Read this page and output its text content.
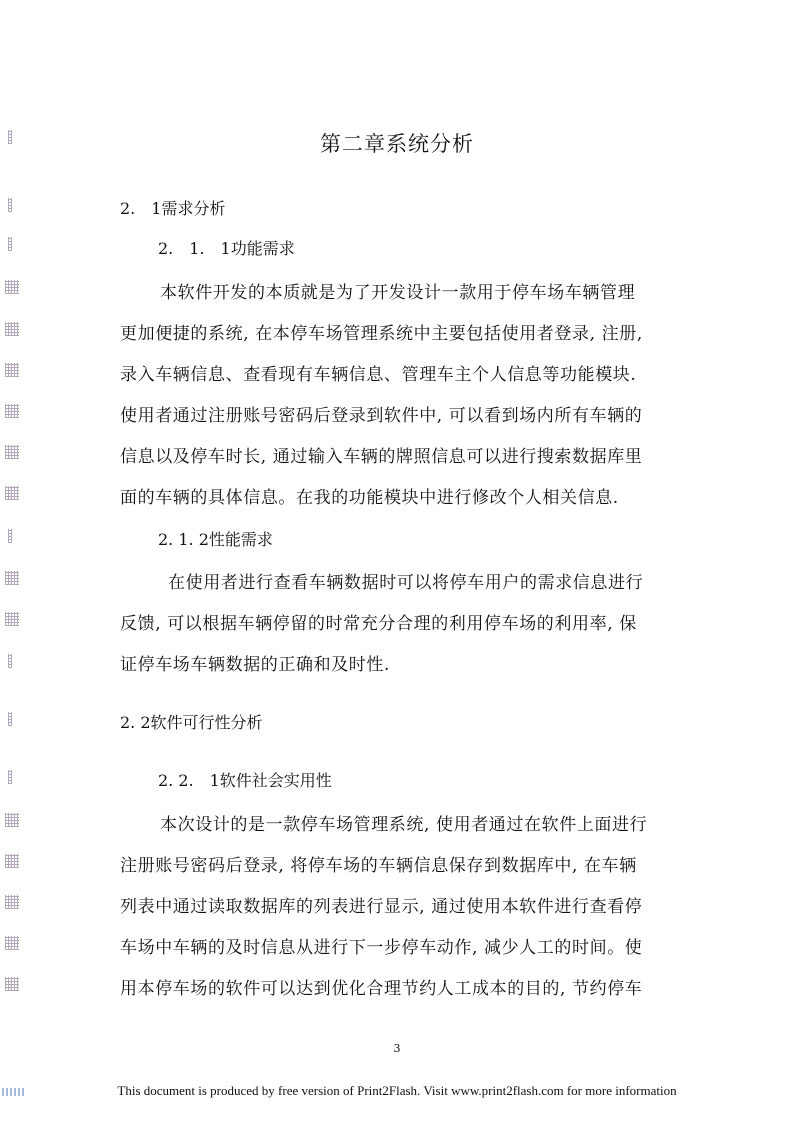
第二章系统分析
2.　1需求分析
2.　1.　1功能需求
本软件开发的本质就是为了开发设计一款用于停车场车辆管理
更加便捷的系统, 在本停车场管理系统中主要包括使用者登录, 注册,
录入车辆信息、查看现有车辆信息、管理车主个人信息等功能模块.
使用者通过注册账号密码后登录到软件中, 可以看到场内所有车辆的
信息以及停车时长, 通过输入车辆的牌照信息可以进行搜索数据库里
面的车辆的具体信息。在我的功能模块中进行修改个人相关信息.
2. 1. 2性能需求
在使用者进行查看车辆数据时可以将停车用户的需求信息进行
反馈, 可以根据车辆停留的时常充分合理的利用停车场的利用率, 保
证停车场车辆数据的正确和及时性.
2. 2软件可行性分析
2. 2.　1软件社会实用性
本次设计的是一款停车场管理系统, 使用者通过在软件上面进行
注册账号密码后登录, 将停车场的车辆信息保存到数据库中, 在车辆
列表中通过读取数据库的列表进行显示, 通过使用本软件进行查看停
车场中车辆的及时信息从进行下一步停车动作, 减少人工的时间。使
用本停车场的软件可以达到优化合理节约人工成本的目的, 节约停车
3
This document is produced by free version of Print2Flash. Visit www.print2flash.com for more information
